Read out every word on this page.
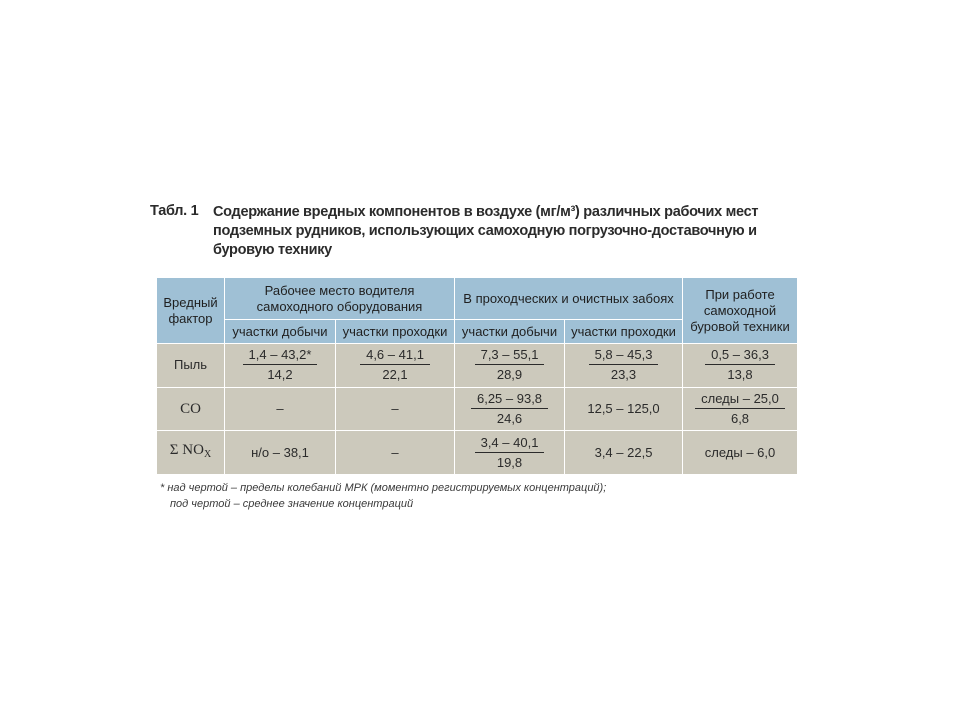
Табл. 1 Содержание вредных компонентов в воздухе (мг/м³) различных рабочих мест подземных рудников, использующих самоходную погрузочно-доставочную и буровую технику
Вредный фактор	Рабочее место водителя самоходного оборудования		В проходческих и очистных забоях		При работе самоходной буровой техники
	участки добычи	участки проходки	участки добычи	участки проходки	
Пыль	$\frac{1,4 - 43,2*}{14,2}$	$\frac{4,6 - 41,1}{22,1}$	$\frac{7,3 - 55,1}{28,9}$	$\frac{5,8 - 45,3}{23,3}$	$\frac{0,5 - 36,3}{13,8}$

CO	–	–	$\frac{6,25 - 93,8}{24,6}$	12,5 – 125,0	$\frac{\text{следы – 25,0}}{6,8}$

Σ $NO_X$	н/о – 38,1	–	$\frac{3,4 - 40,1}{19,8}$	3,4 – 22,5	следы – 6,0
* над чертой – пределы колебаний МРК (моментно регистрируемых концентраций);
под чертой – среднее значение концентраций
